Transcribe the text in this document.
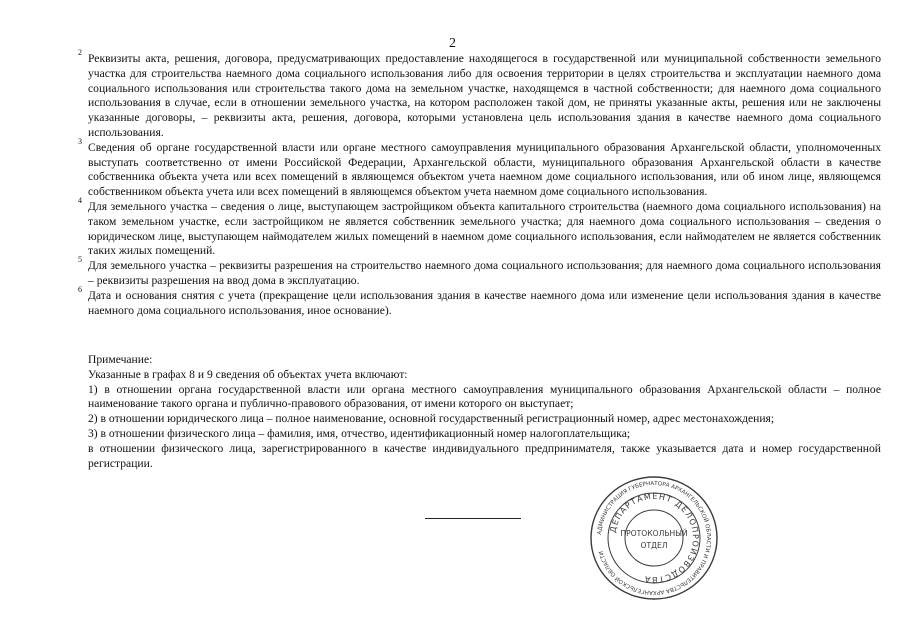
2
2 Реквизиты акта, решения, договора, предусматривающих предоставление находящегося в государственной или муниципальной собственности земельного участка для строительства наемного дома социального использования либо для освоения территории в целях строительства и эксплуатации наемного дома социального использования или строительства такого дома на земельном участке, находящемся в частной собственности; для наемного дома социального использования в случае, если в отношении земельного участка, на котором расположен такой дом, не приняты указанные акты, решения или не заключены указанные договоры, – реквизиты акта, решения, договора, которыми установлена цель использования здания в качестве наемного дома социального использования.
3 Сведения об органе государственной власти или органе местного самоуправления муниципального образования Архангельской области, уполномоченных выступать соответственно от имени Российской Федерации, Архангельской области, муниципального образования Архангельской области в качестве собственника объекта учета или всех помещений в являющемся объектом учета наемном доме социального использования, или об ином лице, являющемся собственником объекта учета или всех помещений в являющемся объектом учета наемном доме социального использования.
4 Для земельного участка – сведения о лице, выступающем застройщиком объекта капитального строительства (наемного дома социального использования) на таком земельном участке, если застройщиком не является собственник земельного участка; для наемного дома социального использования – сведения о юридическом лице, выступающем наймодателем жилых помещений в наемном доме социального использования, если наймодателем не является собственник таких жилых помещений.
5 Для земельного участка – реквизиты разрешения на строительство наемного дома социального использования; для наемного дома социального использования – реквизиты разрешения на ввод дома в эксплуатацию.
6 Дата и основания снятия с учета (прекращение цели использования здания в качестве наемного дома или изменение цели использования здания в качестве наемного дома социального использования, иное основание).
Примечание:
Указанные в графах 8 и 9 сведения об объектах учета включают:
1) в отношении органа государственной власти или органа местного самоуправления муниципального образования Архангельской области – полное наименование такого органа и публично-правового образования, от имени которого он выступает;
2) в отношении юридического лица – полное наименование, основной государственный регистрационный номер, адрес местонахождения;
3) в отношении физического лица – фамилия, имя, отчество, идентификационный номер налогоплательщика;
в отношении физического лица, зарегистрированного в качестве индивидуального предпринимателя, также указывается дата и номер государственной регистрации.
АДМИНИСТРАЦИЯ ГУБЕРНАТОРА АРХАНГЕЛЬСКОЙ ОБЛАСТИ И ПРАВИТЕЛЬСТВА АРХАНГЕЛЬСКОЙ ОБЛАСТИ
ДЕПАРТАМЕНТ ДЕЛОПРОИЗВОДСТВА
ПРОТОКОЛЬНЫЙ
ОТДЕЛ
